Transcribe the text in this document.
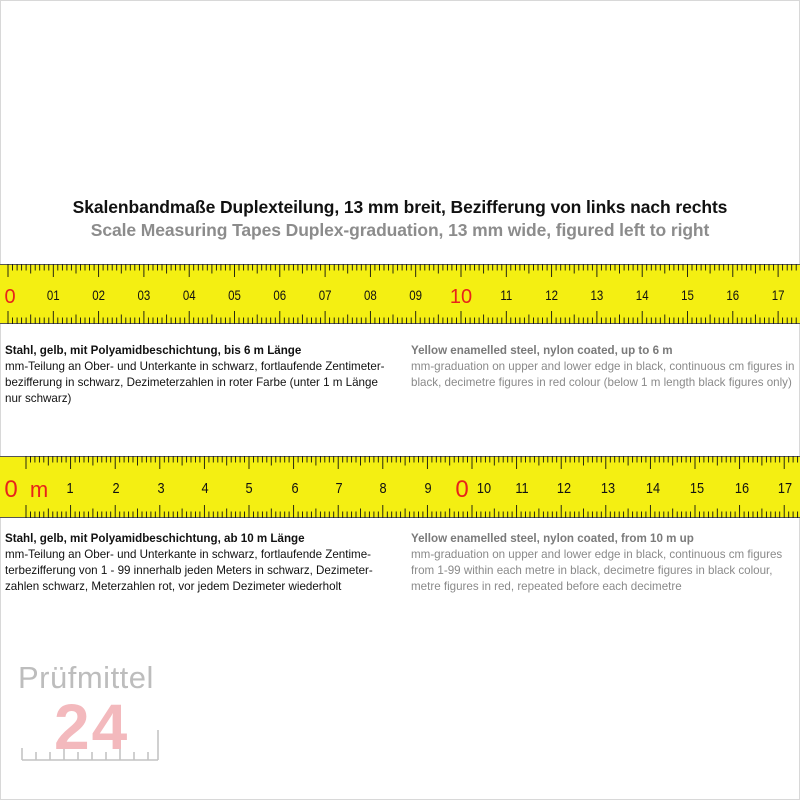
Skalenbandmaße Duplexteilung, 13 mm breit, Bezifferung von links nach rechts
Scale Measuring Tapes Duplex-graduation, 13 mm wide, figured left to right
0 01 02 03 04 05 06 07 08 09 10 11 12 13 14 15 16 17
Stahl, gelb, mit Polyamidbeschichtung, bis 6 m Länge
mm-Teilung an Ober- und Unterkante in schwarz, fortlaufende Zentimeter-
bezifferung in schwarz, Dezimeterzahlen in roter Farbe (unter 1 m Länge
nur schwarz)
Yellow enamelled steel, nylon coated, up to 6 m
mm-graduation on upper and lower edge in black, continuous cm figures in
black, decimetre figures in red colour (below 1 m length black figures only)
0 m 1	2	3 4 5	6 7 8	9 0 10 11 12 13 14 15 16 17
Stahl, gelb, mit Polyamidbeschichtung, ab 10 m Länge
mm-Teilung an Ober- und Unterkante in schwarz, fortlaufende Zentime-
terbezifferung von 1 - 99 innerhalb jeden Meters in schwarz, Dezimeter-
zahlen schwarz, Meterzahlen rot, vor jedem Dezimeter wiederholt
Yellow enamelled steel, nylon coated, from 10 m up
mm-graduation on upper and lower edge in black, continuous cm figures
from 1-99 within each metre in black, decimetre figures in black colour,
metre figures in red, repeated before each decimetre
Prüfmittel
24
